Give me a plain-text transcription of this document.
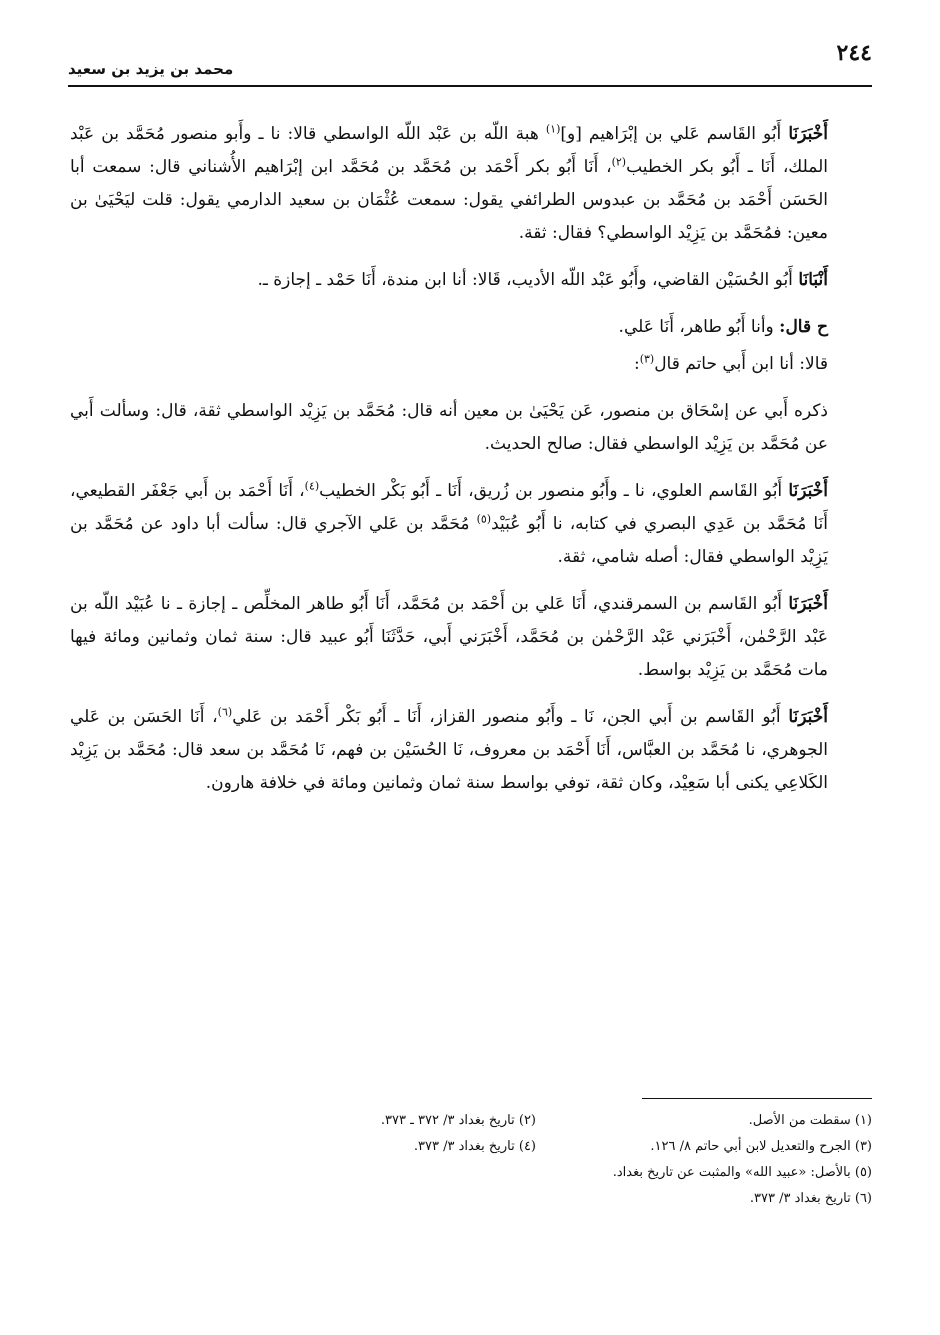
٢٤٤
محمد بن يزيد بن سعيد

أَخْبَرَنَا أَبُو القَاسم عَلي بن إبْرَاهيم [و]$^{(١)}$ هبة اللّه بن عَبْد اللّه الواسطي قالا: نا ـ وأَبو منصور مُحَمَّد بن عَبْد الملك، أَنَا ـ أَبُو بكر الخطيب$^{(٢)}$، أَنَا أَبُو بكر أَحْمَد بن مُحَمَّد بن مُحَمَّد ابن إبْرَاهيم الأُشناني قال: سمعت أبا الحَسَن أَحْمَد بن مُحَمَّد بن عبدوس الطرائفي يقول: سمعت عُثْمَان بن سعيد الدارمي يقول: قلت ليَحْيَىٰ بن معين: فمُحَمَّد بن يَزِيْد الواسطي؟ فقال: ثقة.

أَنْبَانَا أَبُو الحُسَيْن القاضي، وأَبُو عَبْد اللّه الأديب، قَالا: أنا ابن مندة، أَنَا حَمْد ـ إجازة ـ.

ح قال: وأنا أَبُو طاهر، أَنَا عَلي.

قالا: أنا ابن أَبي حاتم قال$^{(٣)}$:

ذكره أَبي عن إسْحَاق بن منصور، عَن يَحْيَىٰ بن معين أنه قال: مُحَمَّد بن يَزِيْد الواسطي ثقة، قال: وسألت أَبي عن مُحَمَّد بن يَزِيْد الواسطي فقال: صالح الحديث.

أَخْبَرَنَا أَبُو القَاسم العلوي، نا ـ وأَبُو منصور بن زُريق، أَنَا ـ أَبُو بَكْر الخطيب$^{(٤)}$، أَنَا أَحْمَد بن أَبي جَعْفَر القطيعي، أَنَا مُحَمَّد بن عَدِي البصري في كتابه، نا أَبُو عُبَيْد$^{(٥)}$ مُحَمَّد بن عَلي الآجري قال: سألت أبا داود عن مُحَمَّد بن يَزِيْد الواسطي فقال: أصله شامي، ثقة.

أَخْبَرَنَا أَبُو القَاسم بن السمرقندي، أَنَا عَلي بن أَحْمَد بن مُحَمَّد، أَنَا أَبُو طاهر المخلِّص ـ إجازة ـ نا عُبَيْد اللّه بن عَبْد الرَّحْمٰن، أَخْبَرَني عَبْد الرَّحْمٰن بن مُحَمَّد، أَخْبَرَني أَبي، حَدَّثَنَا أَبُو عبيد قال: سنة ثمان وثمانين ومائة فيها مات مُحَمَّد بن يَزِيْد بواسط.

أَخْبَرَنَا أَبُو القَاسم بن أَبي الجن، نَا ـ وأَبُو منصور القزاز، أَنَا ـ أَبُو بَكْر أَحْمَد بن عَلي$^{(٦)}$، أَنَا الحَسَن بن عَلي الجوهري، نا مُحَمَّد بن العبَّاس، أَنَا أَحْمَد بن معروف، نَا الحُسَيْن بن فهم، نَا مُحَمَّد بن سعد قال: مُحَمَّد بن يَزِيْد الكَلاعِي يكنى أبا سَعِيْد، وكان ثقة، توفي بواسط سنة ثمان وثمانين ومائة في خلافة هارون.

(١) سقطت من الأصل.
(٢) تاريخ بغداد ٣/ ٣٧٢ ـ ٣٧٣.
(٣) الجرح والتعديل لابن أبي حاتم ٨/ ١٢٦.
(٤) تاريخ بغداد ٣/ ٣٧٣.
(٥) بالأصل: «عبيد الله» والمثبت عن تاريخ بغداد.
(٦) تاريخ بغداد ٣/ ٣٧٣.
